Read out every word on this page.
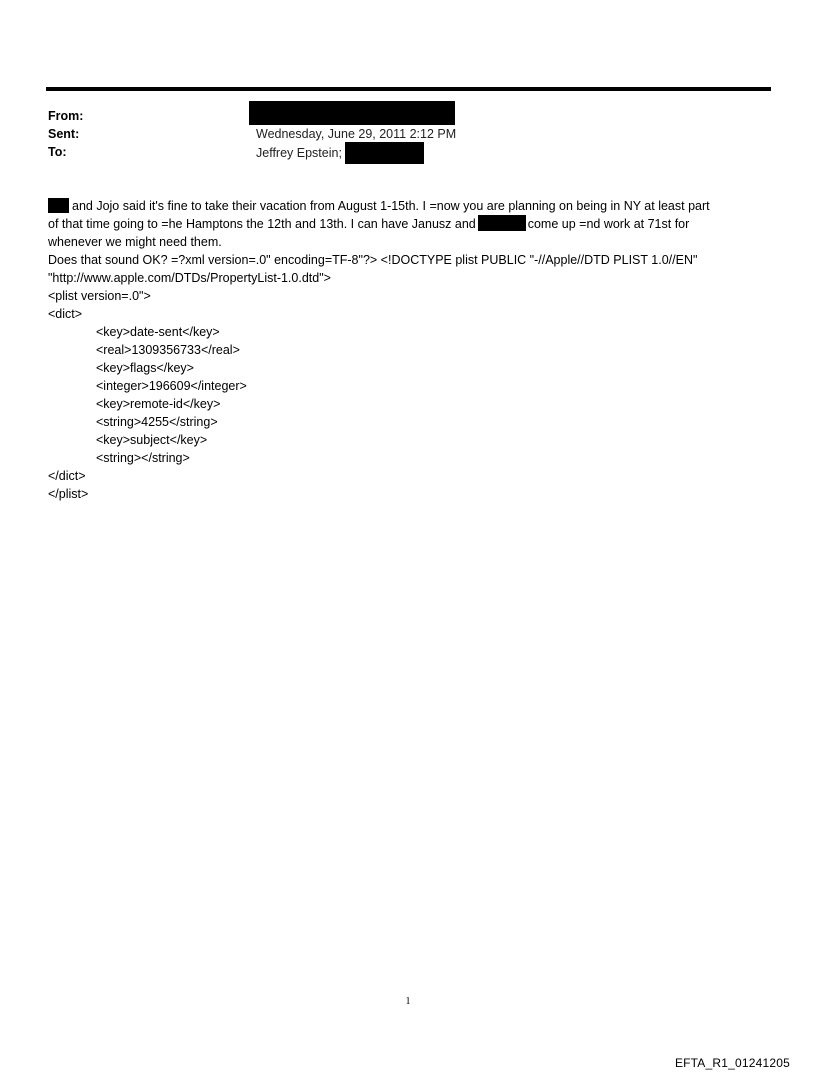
From:
Sent:	Wednesday, June 29, 2011 2:12 PM
To:	Jeffrey Epstein;
and Jojo said it's fine to take their vacation from August 1-15th. I =now you are planning on being in NY at least part
of that time going to =he Hamptons the 12th and 13th. I can have Janusz and	come up =nd work at 71st for
whenever we might need them.
Does that sound OK? =?xml version=.0" encoding=TF-8"?> <!DOCTYPE plist PUBLIC "-//Apple//DTD PLIST 1.0//EN"
"http://www.apple.com/DTDs/PropertyList-1.0.dtd">
<plist version=.0">
<dict>
<key>date-sent</key>
<real>1309356733</real>
<key>flags</key>
<integer>196609</integer>
<key>remote-id</key>
<string>4255</string>
<key>subject</key>
<string></string>
</dict>
</plist>
1
EFTA_R1_01241205
